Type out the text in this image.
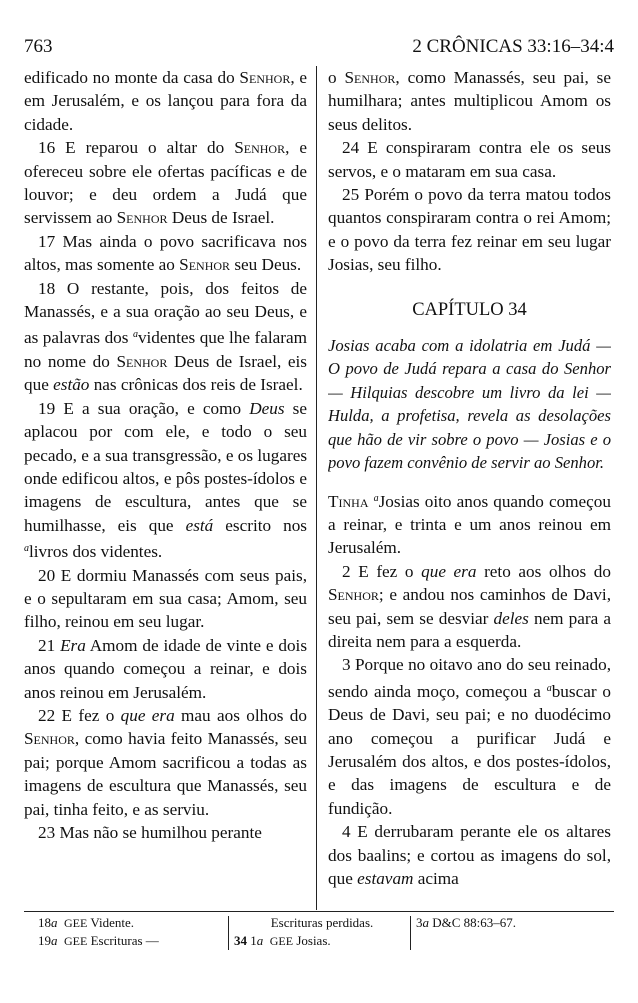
763	2 CRÔNICAS 33:16–34:4

edificado no monte da casa do Senhor, e em Jerusalém, e os lançou para fora da cidade.

16 E reparou o altar do Senhor, e ofereceu sobre ele ofertas pacíficas e de louvor; e deu ordem a Judá que servissem ao Senhor Deus de Israel.

17 Mas ainda o povo sacrificava nos altos, mas somente ao Senhor seu Deus.

18 O restante, pois, dos feitos de Manassés, e a sua oração ao seu Deus, e as palavras dos $^a$videntes que lhe falaram no nome do Senhor Deus de Israel, eis que estão nas crônicas dos reis de Israel.

19 E a sua oração, e como Deus se aplacou por com ele, e todo o seu pecado, e a sua transgressão, e os lugares onde edificou altos, e pôs postes-ídolos e imagens de escultura, antes que se humilhasse, eis que está escrito nos $^a$livros dos videntes.

20 E dormiu Manassés com seus pais, e o sepultaram em sua casa; Amom, seu filho, reinou em seu lugar.

21 Era Amom de idade de vinte e dois anos quando começou a reinar, e dois anos reinou em Jerusalém.

22 E fez o que era mau aos olhos do Senhor, como havia feito Manassés, seu pai; porque Amom sacrificou a todas as imagens de escultura que Manassés, seu pai, tinha feito, e as serviu.

23 Mas não se humilhou perante

o Senhor, como Manassés, seu pai, se humilhara; antes multiplicou Amom os seus delitos.

24 E conspiraram contra ele os seus servos, e o mataram em sua casa.

25 Porém o povo da terra matou todos quantos conspiraram contra o rei Amom; e o povo da terra fez reinar em seu lugar Josias, seu filho.

CAPÍTULO 34

Josias acaba com a idolatria em Judá — O povo de Judá repara a casa do Senhor — Hilquias descobre um livro da lei — Hulda, a profetisa, revela as desolações que hão de vir sobre o povo — Josias e o povo fazem convênio de servir ao Senhor.

Tinha $^a$Josias oito anos quando começou a reinar, e trinta e um anos reinou em Jerusalém.

2 E fez o que era reto aos olhos do Senhor; e andou nos caminhos de Davi, seu pai, sem se desviar deles nem para a direita nem para a esquerda.

3 Porque no oitavo ano do seu reinado, sendo ainda moço, começou a $^a$buscar o Deus de Davi, seu pai; e no duodécimo ano começou a purificar Judá e Jerusalém dos altos, e dos postes-ídolos, e das imagens de escultura e de fundição.

4 E derrubaram perante ele os altares dos baalins; e cortou as imagens do sol, que estavam acima

18a GEE Vidente.
19a GEE Escrituras —
Escrituras perdidas.
34 1a GEE Josias.
3a D&C 88:63–67.
